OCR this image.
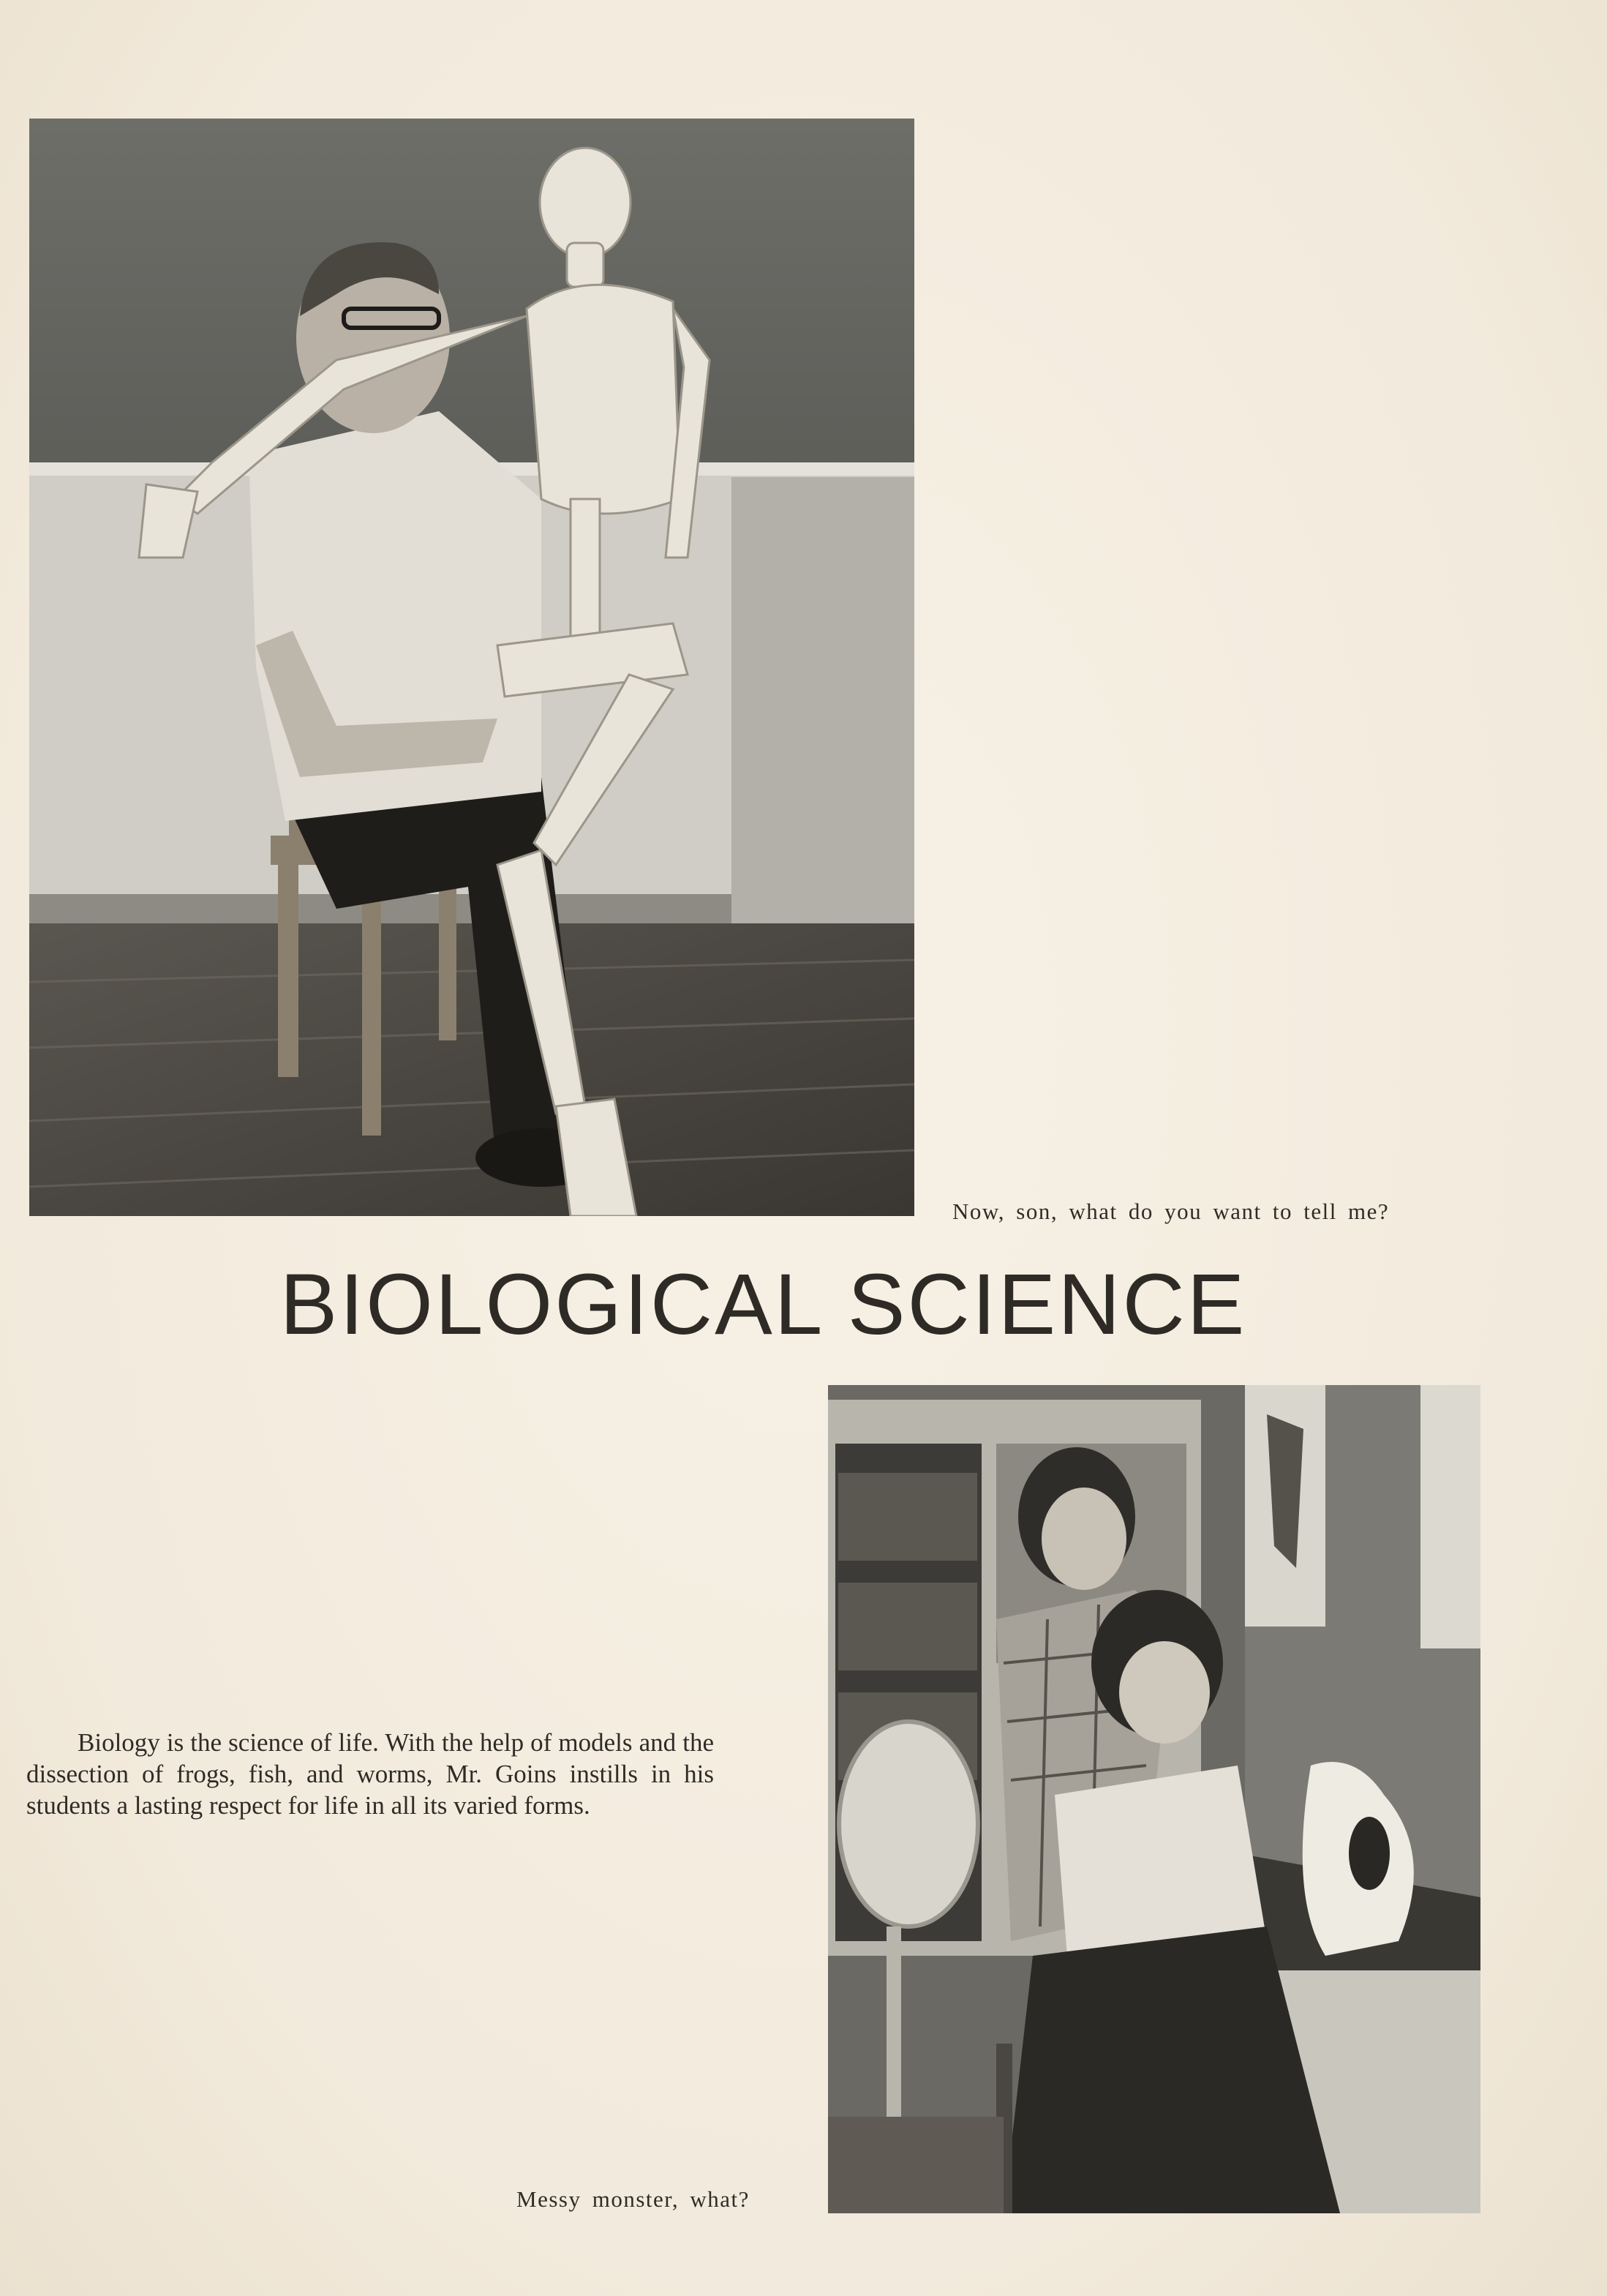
Now, son, what do you want to tell me?
BIOLOGICAL SCIENCE

Biology is the science of life. With the help of models and the dissection of frogs, fish, and worms, Mr. Goins instills in his students a lasting respect for life in all its varied forms.

Messy monster, what?
